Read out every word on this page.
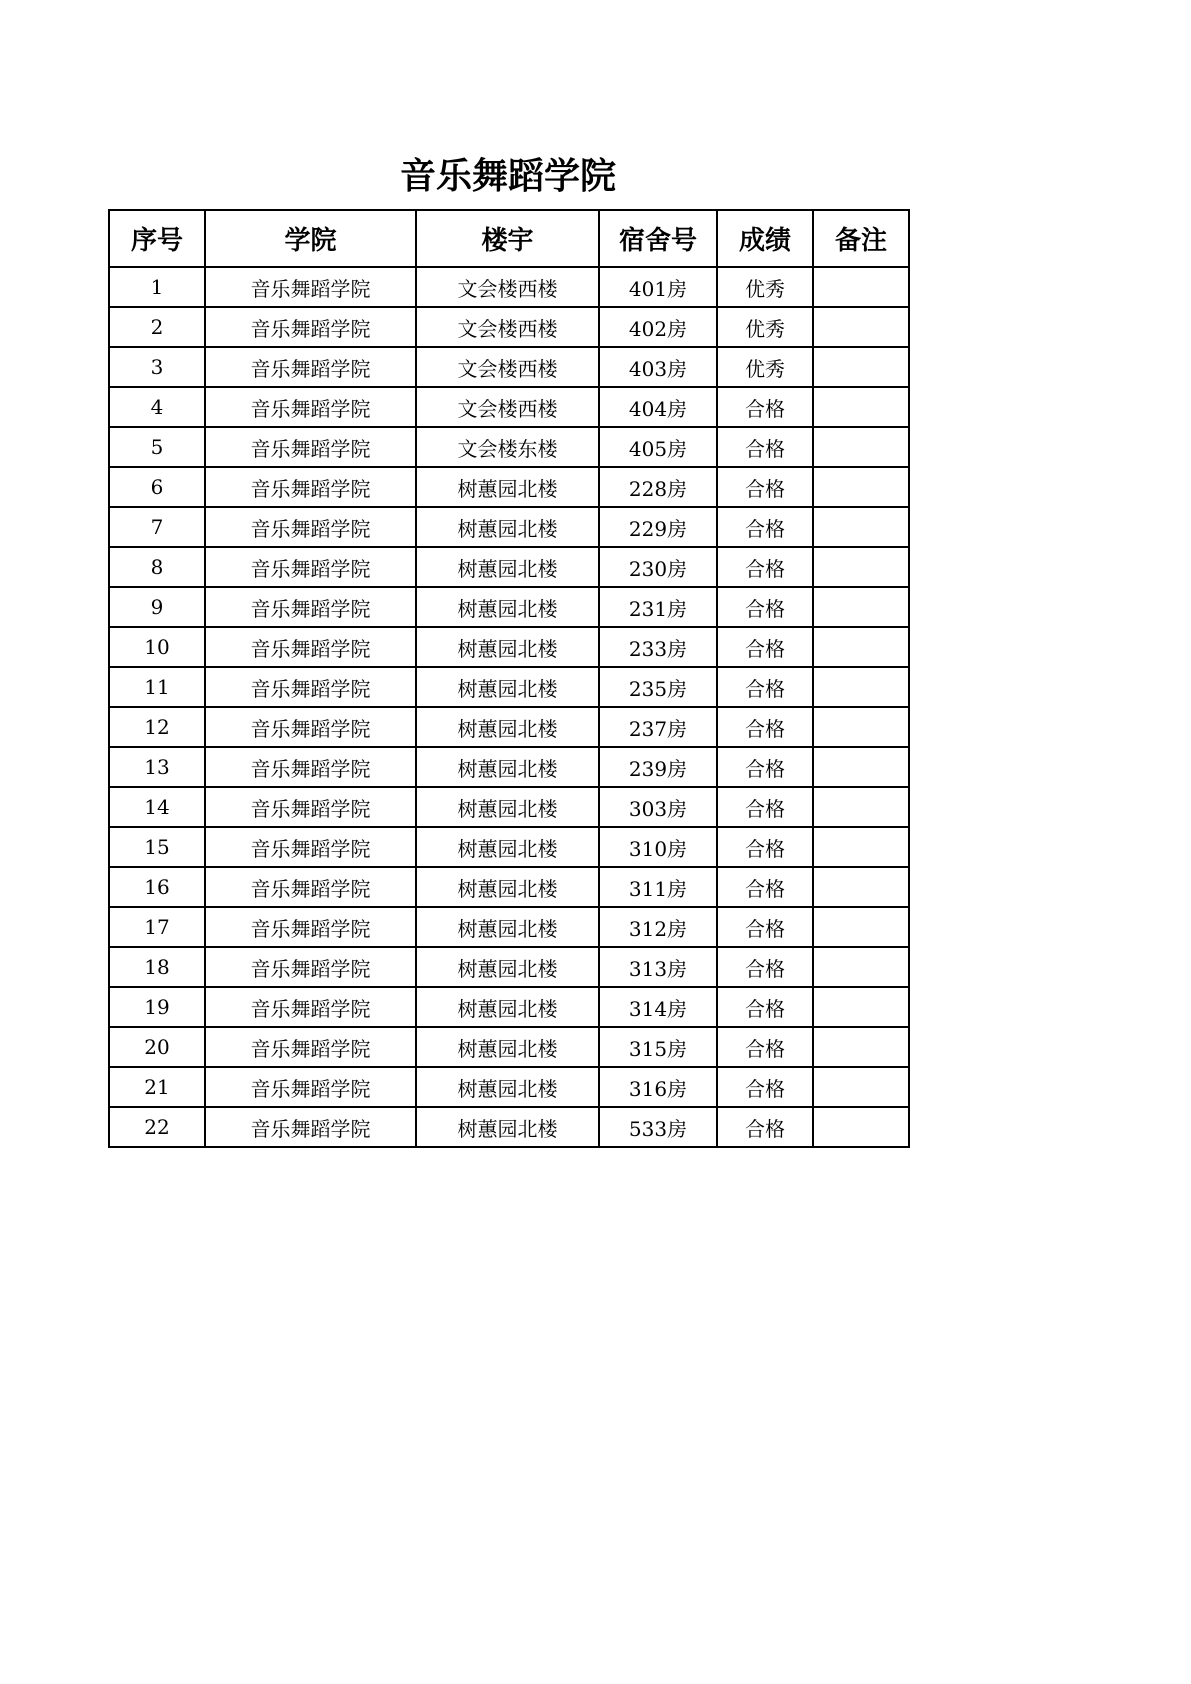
音乐舞蹈学院
序号	学院	楼宇	宿舍号	成绩	备注
1	音乐舞蹈学院	文会楼西楼	401房	优秀	
2	音乐舞蹈学院	文会楼西楼	402房	优秀	
3	音乐舞蹈学院	文会楼西楼	403房	优秀	
4	音乐舞蹈学院	文会楼西楼	404房	合格	
5	音乐舞蹈学院	文会楼东楼	405房	合格	
6	音乐舞蹈学院	树蕙园北楼	228房	合格	
7	音乐舞蹈学院	树蕙园北楼	229房	合格	
8	音乐舞蹈学院	树蕙园北楼	230房	合格	
9	音乐舞蹈学院	树蕙园北楼	231房	合格	
10	音乐舞蹈学院	树蕙园北楼	233房	合格	
11	音乐舞蹈学院	树蕙园北楼	235房	合格	
12	音乐舞蹈学院	树蕙园北楼	237房	合格	
13	音乐舞蹈学院	树蕙园北楼	239房	合格	
14	音乐舞蹈学院	树蕙园北楼	303房	合格	
15	音乐舞蹈学院	树蕙园北楼	310房	合格	
16	音乐舞蹈学院	树蕙园北楼	311房	合格	
17	音乐舞蹈学院	树蕙园北楼	312房	合格	
18	音乐舞蹈学院	树蕙园北楼	313房	合格	
19	音乐舞蹈学院	树蕙园北楼	314房	合格	
20	音乐舞蹈学院	树蕙园北楼	315房	合格	
21	音乐舞蹈学院	树蕙园北楼	316房	合格	
22	音乐舞蹈学院	树蕙园北楼	533房	合格	
